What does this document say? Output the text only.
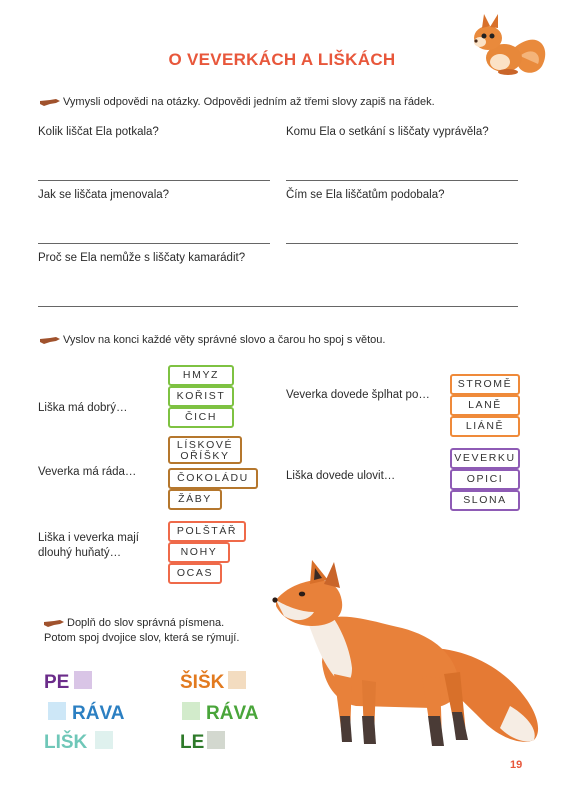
O VEVERKÁCH A LIŠKÁCH
Vymysli odpovědi na otázky. Odpovědi jedním až třemi slovy zapiš na řádek.
Kolik liščat Ela potkala?	Komu Ela o setkání s liščaty vyprávěla?
Jak se liščata jmenovala?	Čím se Ela liščatům podobala?
Proč se Ela nemůže s liščaty kamarádit?
Vyslov na konci každé věty správné slovo a čarou ho spoj s větou.
Liška má dobrý…
HMYZ
KOŘIST
ČICH
Veverka má ráda…
LÍSKOVÉ OŘÍŠKY
ČOKOLÁDU
ŽÁBY
Liška i veverka mají
dlouhý huňatý…
POLŠTÁŘ
NOHY
OCAS
Veverka dovede šplhat po…
STROMĚ
LANĚ
LIÁNĚ
Liška dovede ulovit…
VEVERKU
OPICI
SLONA
Doplň do slov správná písmena.
Potom spoj dvojice slov, která se rýmují.
PE	ŠIŠK
RÁVA	RÁVA
LIŠK	LE
19
